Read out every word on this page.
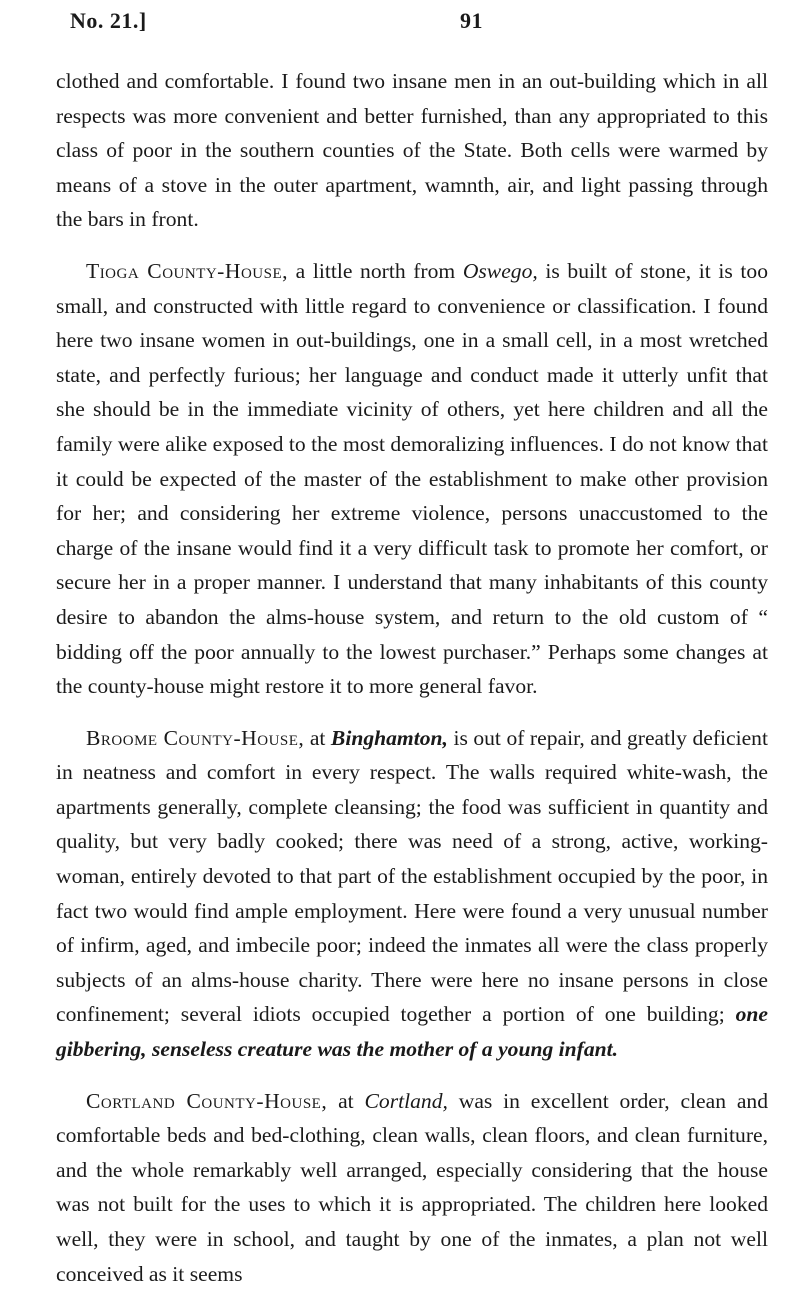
No. 21.]	91

clothed and comfortable. I found two insane men in an out-building which in all respects was more convenient and better furnished, than any appropriated to this class of poor in the southern counties of the State. Both cells were warmed by means of a stove in the outer apartment, wamnth, air, and light passing through the bars in front.

Tioga County-House, a little north from Oswego, is built of stone, it is too small, and constructed with little regard to convenience or classification. I found here two insane women in out-buildings, one in a small cell, in a most wretched state, and perfectly furious; her language and conduct made it utterly unfit that she should be in the immediate vicinity of others, yet here children and all the family were alike exposed to the most demoralizing influences. I do not know that it could be expected of the master of the establishment to make other provision for her; and considering her extreme violence, persons unaccustomed to the charge of the insane would find it a very difficult task to promote her comfort, or secure her in a proper manner. I understand that many inhabitants of this county desire to abandon the alms-house system, and return to the old custom of “ bidding off the poor annually to the lowest purchaser.” Perhaps some changes at the county-house might restore it to more general favor.

Broome County-House, at Binghamton, is out of repair, and greatly deficient in neatness and comfort in every respect. The walls required white-wash, the apartments generally, complete cleansing; the food was sufficient in quantity and quality, but very badly cooked; there was need of a strong, active, working-woman, entirely devoted to that part of the establishment occupied by the poor, in fact two would find ample employment. Here were found a very unusual number of infirm, aged, and imbecile poor; indeed the inmates all were the class properly subjects of an alms-house charity. There were here no insane persons in close confinement; several idiots occupied together a portion of one building; one gibbering, senseless creature was the mother of a young infant.

Cortland County-House, at Cortland, was in excellent order, clean and comfortable beds and bed-clothing, clean walls, clean floors, and clean furniture, and the whole remarkably well arranged, especially considering that the house was not built for the uses to which it is appropriated. The children here looked well, they were in school, and taught by one of the inmates, a plan not well conceived as it seems
